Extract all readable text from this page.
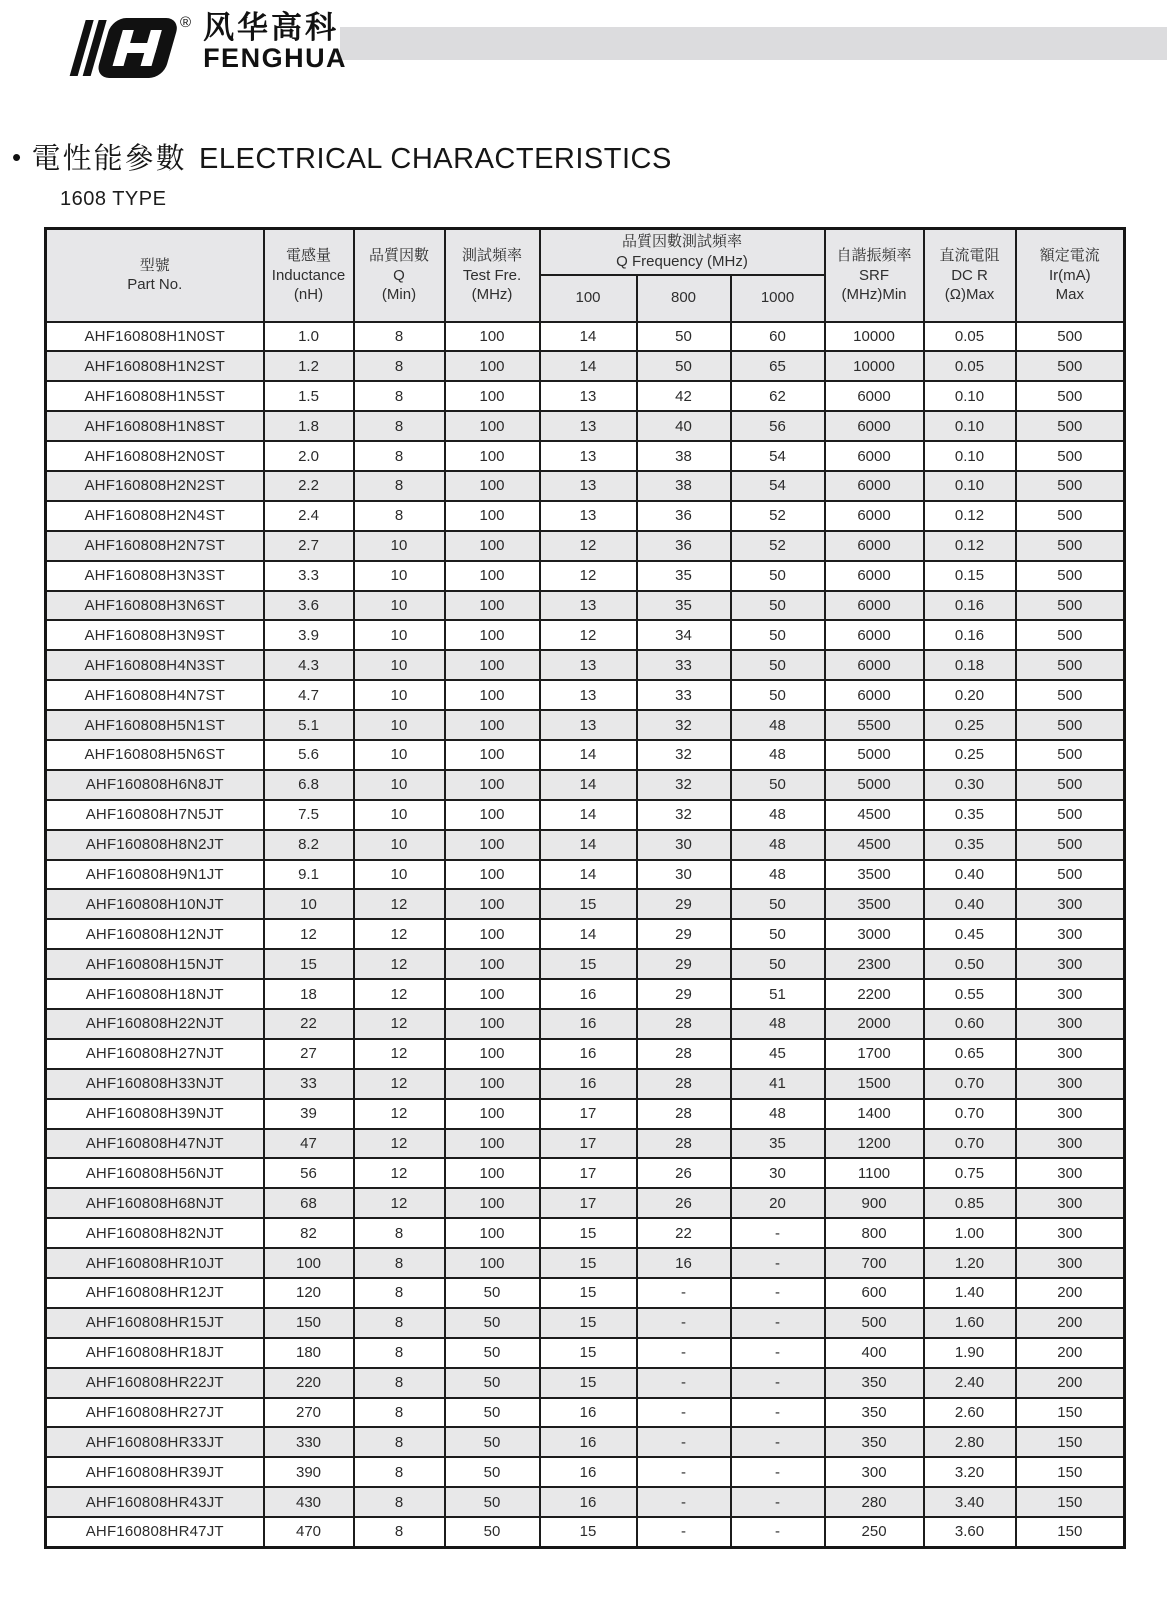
® 风华高科
FENGHUA
• 電性能參數 ELECTRICAL CHARACTERISTICS
1608 TYPE
型號
Part No.	電感量
Inductance
(nH)	品質因數
Q
(Min)	測試頻率
Test Fre.
(MHz)	品質因數測試頻率
Q Frequency (MHz)			自諧振頻率
SRF
(MHz)Min	直流電阻
DC R
(Ω)Max	額定電流
Ir(mA)
Max

				100	800	1000			
AHF160808H1N0ST	1.0	8	100	14	50	60	10000	0.05	500
AHF160808H1N2ST	1.2	8	100	14	50	65	10000	0.05	500
AHF160808H1N5ST	1.5	8	100	13	42	62	6000	0.10	500
AHF160808H1N8ST	1.8	8	100	13	40	56	6000	0.10	500
AHF160808H2N0ST	2.0	8	100	13	38	54	6000	0.10	500
AHF160808H2N2ST	2.2	8	100	13	38	54	6000	0.10	500
AHF160808H2N4ST	2.4	8	100	13	36	52	6000	0.12	500
AHF160808H2N7ST	2.7	10	100	12	36	52	6000	0.12	500
AHF160808H3N3ST	3.3	10	100	12	35	50	6000	0.15	500
AHF160808H3N6ST	3.6	10	100	13	35	50	6000	0.16	500
AHF160808H3N9ST	3.9	10	100	12	34	50	6000	0.16	500
AHF160808H4N3ST	4.3	10	100	13	33	50	6000	0.18	500
AHF160808H4N7ST	4.7	10	100	13	33	50	6000	0.20	500
AHF160808H5N1ST	5.1	10	100	13	32	48	5500	0.25	500
AHF160808H5N6ST	5.6	10	100	14	32	48	5000	0.25	500
AHF160808H6N8JT	6.8	10	100	14	32	50	5000	0.30	500
AHF160808H7N5JT	7.5	10	100	14	32	48	4500	0.35	500
AHF160808H8N2JT	8.2	10	100	14	30	48	4500	0.35	500
AHF160808H9N1JT	9.1	10	100	14	30	48	3500	0.40	500
AHF160808H10NJT	10	12	100	15	29	50	3500	0.40	300
AHF160808H12NJT	12	12	100	14	29	50	3000	0.45	300
AHF160808H15NJT	15	12	100	15	29	50	2300	0.50	300
AHF160808H18NJT	18	12	100	16	29	51	2200	0.55	300
AHF160808H22NJT	22	12	100	16	28	48	2000	0.60	300
AHF160808H27NJT	27	12	100	16	28	45	1700	0.65	300
AHF160808H33NJT	33	12	100	16	28	41	1500	0.70	300
AHF160808H39NJT	39	12	100	17	28	48	1400	0.70	300
AHF160808H47NJT	47	12	100	17	28	35	1200	0.70	300
AHF160808H56NJT	56	12	100	17	26	30	1100	0.75	300
AHF160808H68NJT	68	12	100	17	26	20	900	0.85	300
AHF160808H82NJT	82	8	100	15	22	-	800	1.00	300
AHF160808HR10JT	100	8	100	15	16	-	700	1.20	300
AHF160808HR12JT	120	8	50	15	-	-	600	1.40	200
AHF160808HR15JT	150	8	50	15	-	-	500	1.60	200
AHF160808HR18JT	180	8	50	15	-	-	400	1.90	200
AHF160808HR22JT	220	8	50	15	-	-	350	2.40	200
AHF160808HR27JT	270	8	50	16	-	-	350	2.60	150
AHF160808HR33JT	330	8	50	16	-	-	350	2.80	150
AHF160808HR39JT	390	8	50	16	-	-	300	3.20	150
AHF160808HR43JT	430	8	50	16	-	-	280	3.40	150
AHF160808HR47JT	470	8	50	15	-	-	250	3.60	150
